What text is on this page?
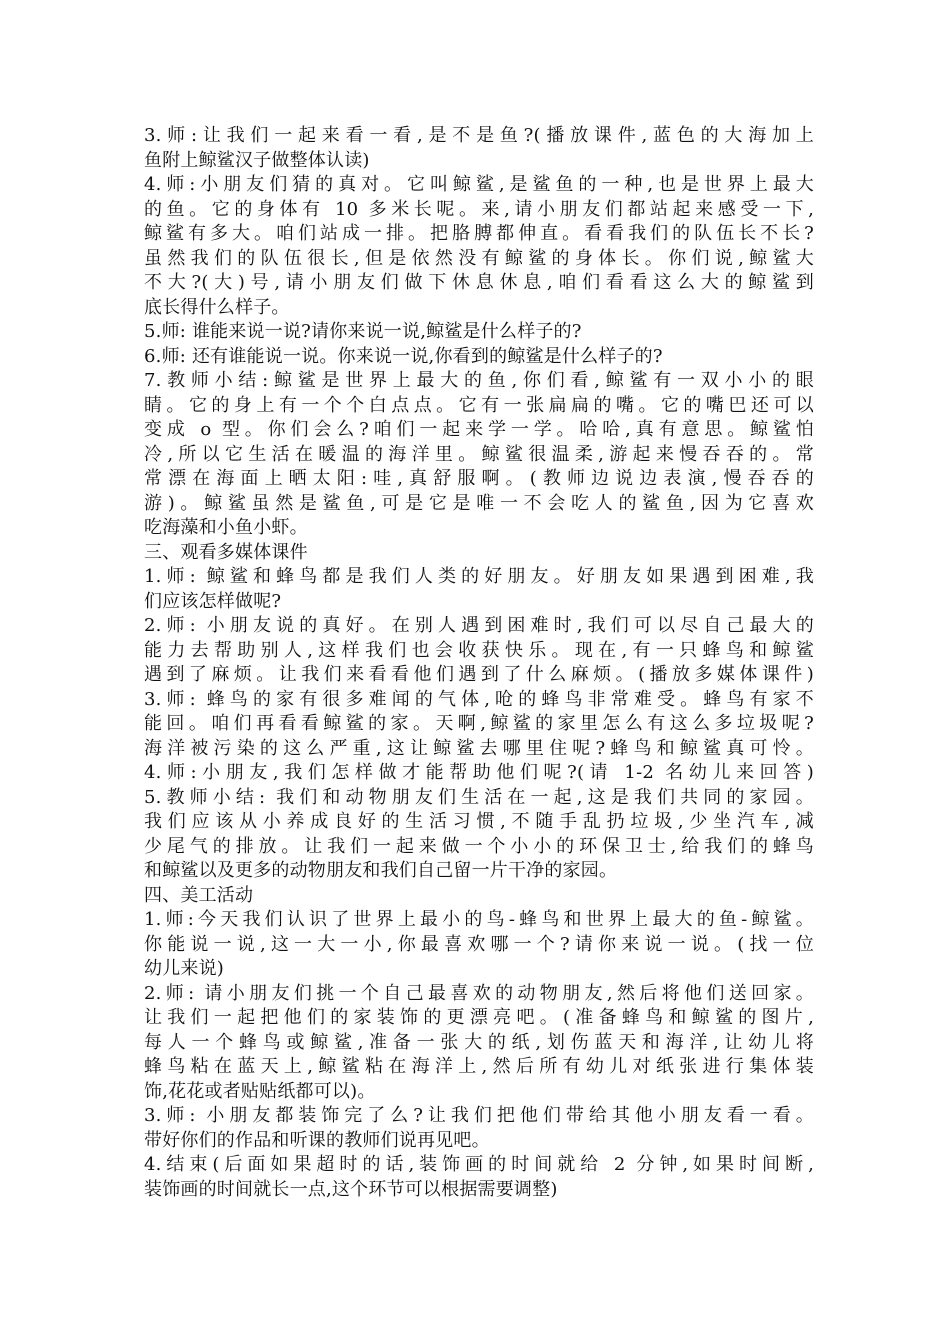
3.师:让我们一起来看一看,是不是鱼?(播放课件,蓝色的大海加上
鱼附上鲸鲨汉子做整体认读)
4.师:小朋友们猜的真对。它叫鲸鲨,是鲨鱼的一种,也是世界上最大
的鱼。它的身体有 10 多米长呢。来,请小朋友们都站起来感受一下,
鲸鲨有多大。咱们站成一排。把胳膊都伸直。看看我们的队伍长不长?
虽然我们的队伍很长,但是依然没有鲸鲨的身体长。你们说,鲸鲨大
不大?(大)号,请小朋友们做下休息休息,咱们看看这么大的鲸鲨到
底长得什么样子。
5.师: 谁能来说一说?请你来说一说,鲸鲨是什么样子的?
6.师: 还有谁能说一说。你来说一说,你看到的鲸鲨是什么样子的?
7.教师小结:鲸鲨是世界上最大的鱼,你们看,鲸鲨有一双小小的眼
睛。它的身上有一个个白点点。它有一张扁扁的嘴。它的嘴巴还可以
变成 o 型。你们会么?咱们一起来学一学。哈哈,真有意思。鲸鲨怕
冷,所以它生活在暖温的海洋里。鲸鲨很温柔,游起来慢吞吞的。常
常漂在海面上晒太阳:哇,真舒服啊。(教师边说边表演,慢吞吞的
游)。鲸鲨虽然是鲨鱼,可是它是唯一不会吃人的鲨鱼,因为它喜欢
吃海藻和小鱼小虾。
三、观看多媒体课件
1.师: 鲸鲨和蜂鸟都是我们人类的好朋友。好朋友如果遇到困难,我
们应该怎样做呢?
2.师: 小朋友说的真好。在别人遇到困难时,我们可以尽自己最大的
能力去帮助别人,这样我们也会收获快乐。现在,有一只蜂鸟和鲸鲨
遇到了麻烦。让我们来看看他们遇到了什么麻烦。(播放多媒体课件)
3.师: 蜂鸟的家有很多难闻的气体,呛的蜂鸟非常难受。蜂鸟有家不
能回。咱们再看看鲸鲨的家。天啊,鲸鲨的家里怎么有这么多垃圾呢?
海洋被污染的这么严重,这让鲸鲨去哪里住呢?蜂鸟和鲸鲨真可怜。
4.师:小朋友,我们怎样做才能帮助他们呢?(请 1-2 名幼儿来回答)
5.教师小结: 我们和动物朋友们生活在一起,这是我们共同的家园。
我们应该从小养成良好的生活习惯,不随手乱扔垃圾,少坐汽车,减
少尾气的排放。让我们一起来做一个小小的环保卫士,给我们的蜂鸟
和鲸鲨以及更多的动物朋友和我们自己留一片干净的家园。
四、美工活动
1.师:今天我们认识了世界上最小的鸟-蜂鸟和世界上最大的鱼-鲸鲨。
你能说一说,这一大一小,你最喜欢哪一个?请你来说一说。(找一位
幼儿来说)
2.师: 请小朋友们挑一个自己最喜欢的动物朋友,然后将他们送回家。
让我们一起把他们的家装饰的更漂亮吧。(准备蜂鸟和鲸鲨的图片,
每人一个蜂鸟或鲸鲨,准备一张大的纸,划伤蓝天和海洋,让幼儿将
蜂鸟粘在蓝天上,鲸鲨粘在海洋上,然后所有幼儿对纸张进行集体装
饰,花花或者贴贴纸都可以)。
3.师: 小朋友都装饰完了么?让我们把他们带给其他小朋友看一看。
带好你们的作品和听课的教师们说再见吧。
4.结束(后面如果超时的话,装饰画的时间就给 2 分钟,如果时间断,
装饰画的时间就长一点,这个环节可以根据需要调整)
